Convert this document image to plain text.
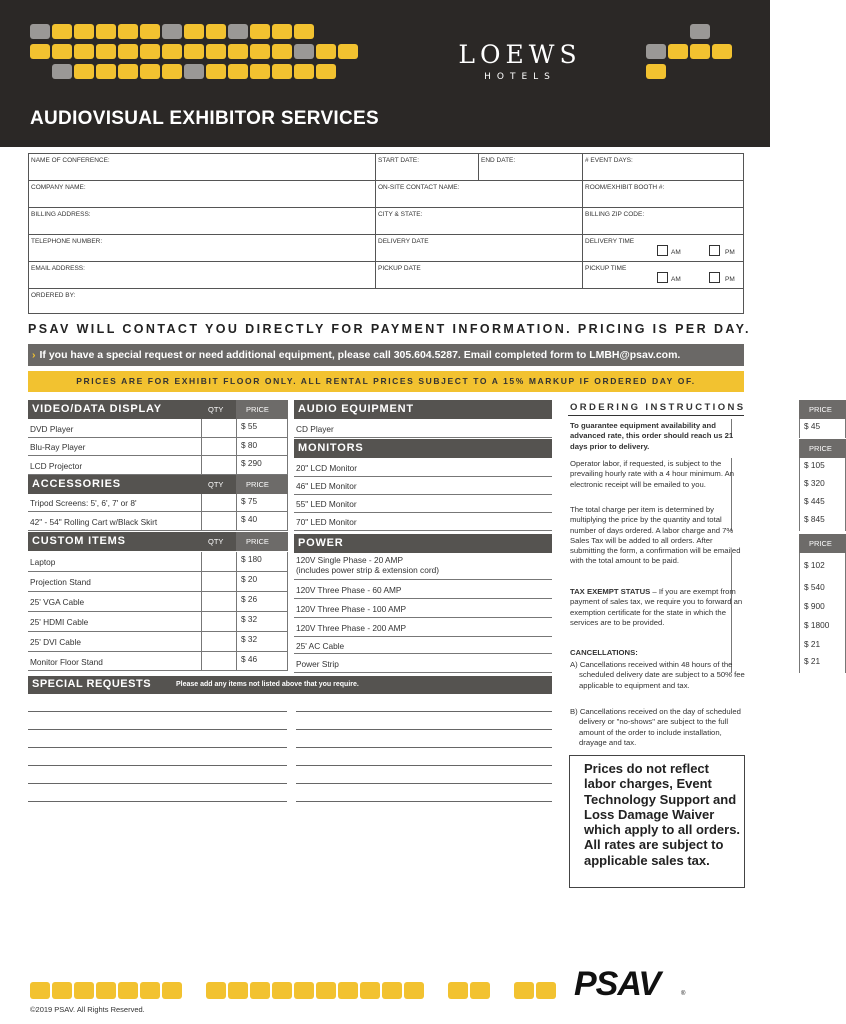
LOEWS
HOTELS
AUDIOVISUAL EXHIBITOR SERVICES
NAME OF CONFERENCE:	START DATE:	END DATE:	# EVENT DAYS:
COMPANY NAME:	ON-SITE CONTACT NAME:	ROOM/EXHIBIT BOOTH #:
BILLING ADDRESS:	CITY & STATE:	BILLING ZIP CODE:
TELEPHONE NUMBER:	DELIVERY DATE	DELIVERY TIME
AM	PM
EMAIL ADDRESS:	PICKUP DATE	PICKUP TIME
AM	PM
ORDERED BY:
PSAV WILL CONTACT YOU DIRECTLY FOR PAYMENT INFORMATION. PRICING IS PER DAY.
› If you have a special request or need additional equipment, please call 305.604.5287. Email completed form to LMBH@psav.com.
PRICES ARE FOR EXHIBIT FLOOR ONLY. ALL RENTAL PRICES SUBJECT TO A 15% MARKUP IF ORDERED DAY OF.
VIDEO/DATA DISPLAY	QTY	PRICE
DVD Player	$ 55
Blu-Ray Player	$ 80
LCD Projector	$ 290
ACCESSORIES	QTY	PRICE
Tripod Screens: 5', 6', 7' or 8'	$ 75
42" - 54" Rolling Cart w/Black Skirt	$ 40
CUSTOM ITEMS	QTY	PRICE
Laptop	$ 180
Projection Stand	$ 20
25' VGA Cable	$ 26
25' HDMI Cable	$ 32
25' DVI Cable	$ 32
Monitor Floor Stand	$ 46
AUDIO EQUIPMENT	QTY PRICE
CD Player	$ 45
MONITORS	QTY PRICE
20" LCD Monitor	$ 105
46" LED Monitor	$ 320
55" LED Monitor	$ 445
70" LED Monitor	$ 845
POWER	QTY PRICE
120V Single Phase - 20 AMP
(includes power strip & extension cord)	$ 102
120V Three Phase - 60 AMP	$ 540
120V Three Phase - 100 AMP	$ 900
120V Three Phase - 200 AMP	$ 1800
25' AC Cable	$ 21
Power Strip	$ 21
SPECIAL REQUESTS	Please add any items not listed above that you require.
ORDERING INSTRUCTIONS
To guarantee equipment availability and advanced rate, this order should reach us 21 days prior to delivery.
Operator labor, if requested, is subject to the prevailing hourly rate with a 4 hour minimum. An electronic receipt will be emailed to you.
The total charge per item is determined by multiplying the price by the quantity and total number of days ordered. A labor charge and 7% Sales Tax will be added to all orders. After submitting the form, a confirmation will be emailed with the total amount to be paid.
TAX EXEMPT STATUS – If you are exempt from payment of sales tax, we require you to forward an exemption certificate for the state in which the services are to be provided.
CANCELLATIONS:
A) Cancellations received within 48 hours of the scheduled delivery date are subject to a 50% fee applicable to equipment and tax.
B) Cancellations received on the day of scheduled delivery or "no-shows" are subject to the full amount of the order to include installation, drayage and tax.

Prices do not reflect labor charges, Event Technology Support and Loss Damage Waiver which apply to all orders. All rates are subject to applicable sales tax.

PSAV	®
©2019 PSAV. All Rights Reserved.
